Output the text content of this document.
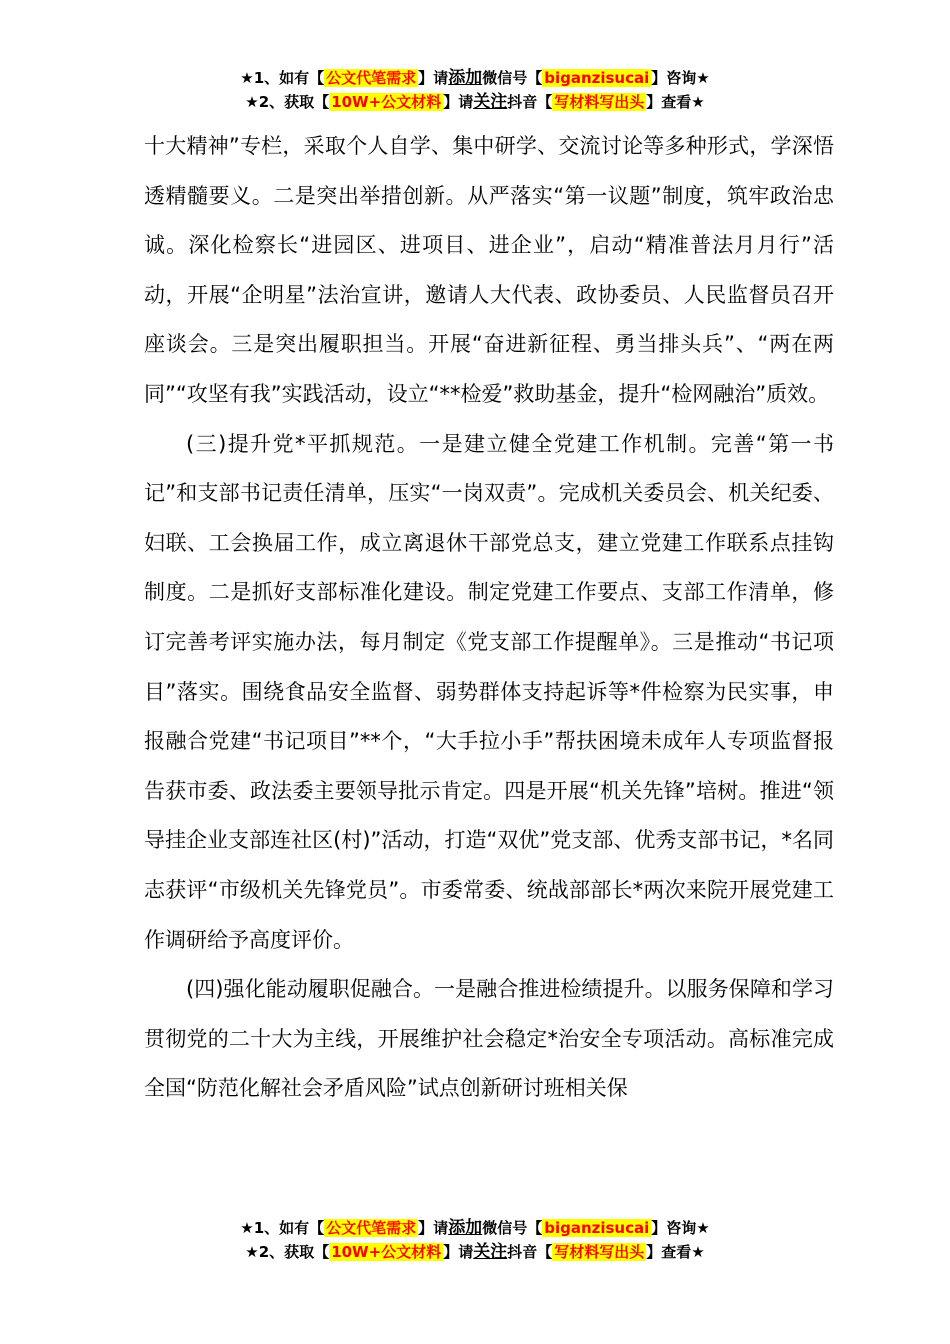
★1、如有【 公文代笔需求 】请添加微信号【 biganzisucai 】咨询★
★2、获取【 10W+公文材料 】请关注抖音【 写材料写出头 】查看★

十大精神”专栏，采取个人自学、集中研学、交流讨论等多种形式，学深悟透精髓要义。二是突出举措创新。从严落实“第一议题”制度，筑牢政治忠诚。深化检察长“进园区、进项目、进企业”，启动“精准普法月月行”活动，开展“企明星”法治宣讲，邀请人大代表、政协委员、人民监督员召开座谈会。三是突出履职担当。开展“奋进新征程、勇当排头兵”、“两在两同”“攻坚有我”实践活动，设立“**检爱”救助基金，提升“检网融治”质效。

(三)提升党*平抓规范。一是建立健全党建工作机制。完善“第一书记”和支部书记责任清单，压实“一岗双责”。完成机关委员会、机关纪委、妇联、工会换届工作，成立离退休干部党总支，建立党建工作联系点挂钩制度。二是抓好支部标准化建设。制定党建工作要点、支部工作清单，修订完善考评实施办法，每月制定《党支部工作提醒单》。三是推动“书记项目”落实。围绕食品安全监督、弱势群体支持起诉等*件检察为民实事，申报融合党建“书记项目”**个，“大手拉小手”帮扶困境未成年人专项监督报告获市委、政法委主要领导批示肯定。四是开展“机关先锋”培树。推进“领导挂企业支部连社区(村)”活动，打造“双优”党支部、优秀支部书记，*名同志获评“市级机关先锋党员”。市委常委、统战部部长*两次来院开展党建工作调研给予高度评价。

(四)强化能动履职促融合。一是融合推进检绩提升。以服务保障和学习贯彻党的二十大为主线，开展维护社会稳定*治安全专项活动。高标准完成全国“防范化解社会矛盾风险”试点创新研讨班相关保

★1、如有【 公文代笔需求 】请添加微信号【 biganzisucai 】咨询★
★2、获取【 10W+公文材料 】请关注抖音【 写材料写出头 】查看★
